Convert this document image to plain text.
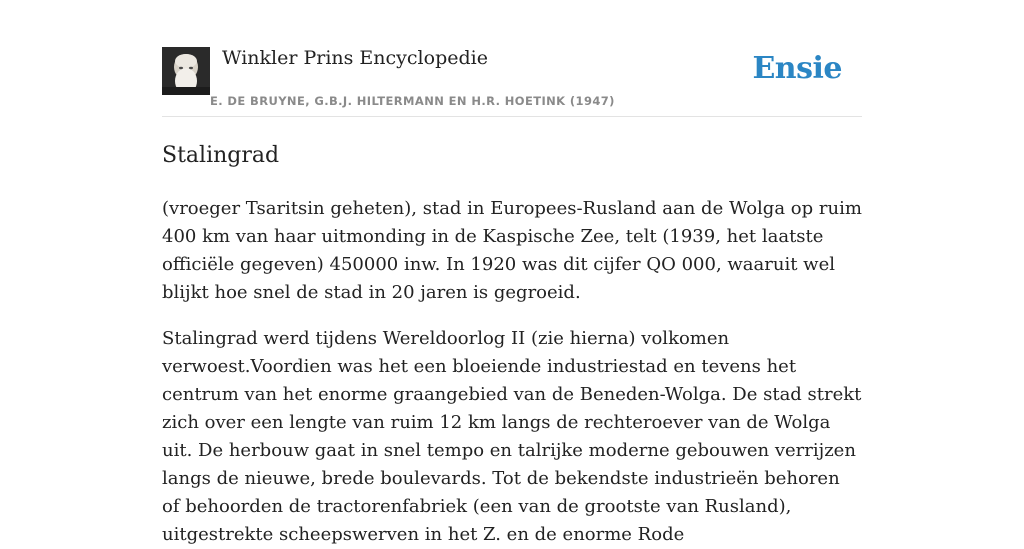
Winkler Prins Encyclopedie
E. DE BRUYNE, G.B.J. HILTERMANN EN H.R. HOETINK (1947)
Ensie
Stalingrad

(vroeger Tsaritsin geheten), stad in Europees-Rusland aan de Wolga op ruim 400 km van haar uitmonding in de Kaspische Zee, telt (1939, het laatste officiële gegeven) 450000 inw. In 1920 was dit cijfer QO 000, waaruit wel blijkt hoe snel de stad in 20 jaren is gegroeid.

Stalingrad werd tijdens Wereldoorlog II (zie hierna) volkomen verwoest.Voordien was het een bloeiende industriestad en tevens het centrum van het enorme graangebied van de Beneden-Wolga. De stad strekt zich over een lengte van ruim 12 km langs de rechteroever van de Wolga uit. De herbouw gaat in snel tempo en talrijke moderne gebouwen verrijzen langs de nieuwe, brede boulevards. Tot de bekendste industrieën behoren of behoorden de tractorenfabriek (een van de grootste van Rusland), uitgestrekte scheepswerven in het Z. en de enorme Rode
